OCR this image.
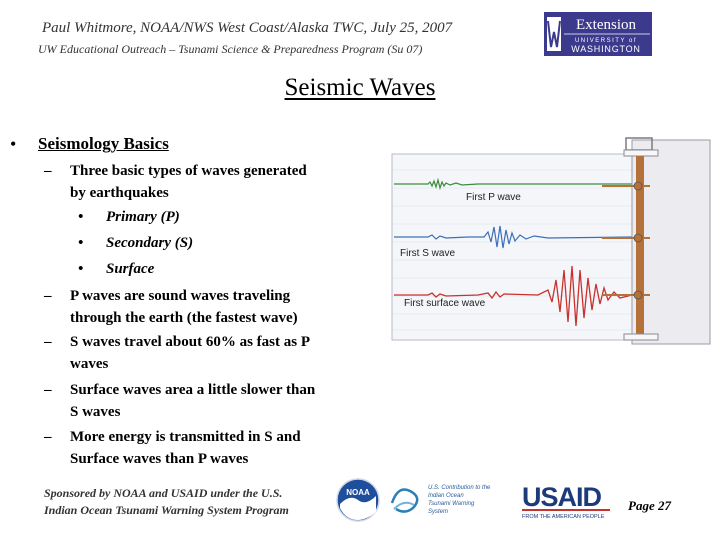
Paul Whitmore, NOAA/NWS West Coast/Alaska TWC, July 25, 2007
UW Educational Outreach – Tsunami Science & Preparedness Program (Su 07)
Extension
UNIVERSITY of
WASHINGTON
Seismic Waves
• Seismology Basics
– Three basic types of waves generated
by earthquakes
• Primary (P)
• Secondary (S)
• Surface
– P waves are sound waves traveling
through the earth (the fastest wave)
– S waves travel about 60% as fast as P
waves
– Surface waves area a little slower than
S waves
– More energy is transmitted in S and
Surface waves than P waves
First P wave
First S wave
First surface wave
Sponsored by NOAA and USAID under the U.S.
Indian Ocean Tsunami Warning System Program
NOAA	U.S. Contribution to the
Indian Ocean
Tsunami Warning
System	USAID
FROM THE AMERICAN PEOPLE
Page 27
